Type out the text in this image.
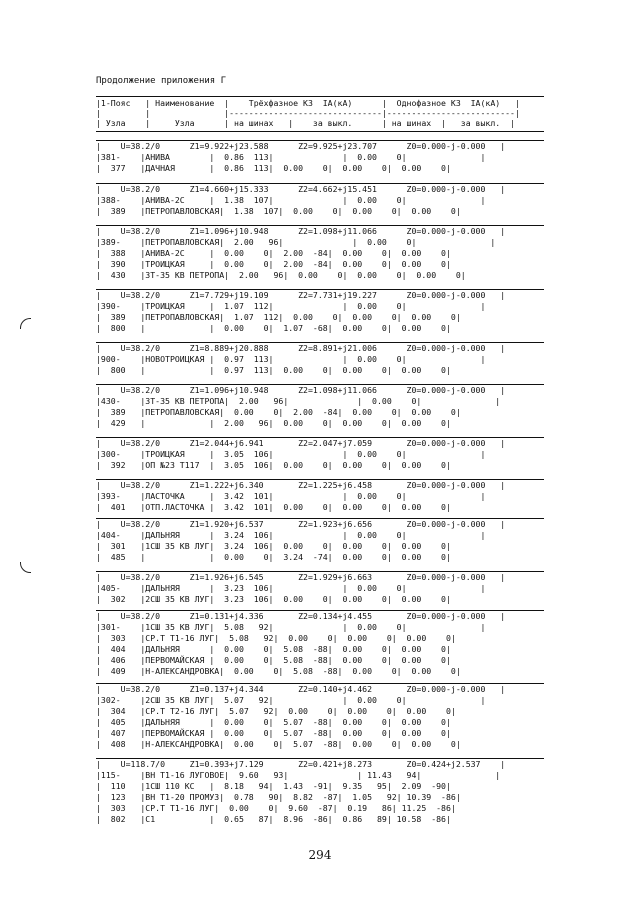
Продолжение приложения Г
|1-Пояс   | Наименование  |    Трёхфазное КЗ  IA(кА)      |  Однофазное КЗ  IA(кА)   |
|         |               |-------------------------------|--------------------------|
| Узла    |     Узла      | на шинах   |    за выкл.      | на шинах  |   за выкл.  |
|    U=38.2/0      Z1=9.922+j23.588      Z2=9.925+j23.707      Z0=0.000-j-0.000   |
|381-    |АНИВА        |  0.86  113|              |  0.00    0|               |
|  377   |ДАЧНАЯ       |  0.86  113|  0.00    0|  0.00    0|  0.00    0|
|    U=38.2/0      Z1=4.660+j15.333      Z2=4.662+j15.451      Z0=0.000-j-0.000   |
|388-    |АНИВА-2С     |  1.38  107|              |  0.00    0|               |
|  389   |ПЕТРОПАВЛОВСКАЯ|  1.38  107|  0.00    0|  0.00    0|  0.00    0|
|    U=38.2/0      Z1=1.096+j10.948      Z2=1.098+j11.066      Z0=0.000-j-0.000   |
|389-    |ПЕТРОПАВЛОВСКАЯ|  2.00   96|              |  0.00    0|               |
|  388   |АНИВА-2С     |  0.00    0|  2.00  -84|  0.00    0|  0.00    0|
|  390   |ТРОИЦКАЯ     |  0.00    0|  2.00  -84|  0.00    0|  0.00    0|
|  430   |ЗТ-35 КВ ПЕТРОПА|  2.00   96|  0.00    0|  0.00    0|  0.00    0|
|    U=38.2/0      Z1=7.729+j19.109      Z2=7.731+j19.227      Z0=0.000-j-0.000   |
|390-    |ТРОИЦКАЯ     |  1.07  112|              |  0.00    0|               |
|  389   |ПЕТРОПАВЛОВСКАЯ|  1.07  112|  0.00    0|  0.00    0|  0.00    0|
|  800   |             |  0.00    0|  1.07  -68|  0.00    0|  0.00    0|
|    U=38.2/0      Z1=8.889+j20.888      Z2=8.891+j21.006      Z0=0.000-j-0.000   |
|900-    |НОВОТРОИЦКАЯ |  0.97  113|              |  0.00    0|               |
|  800   |             |  0.97  113|  0.00    0|  0.00    0|  0.00    0|
|    U=38.2/0      Z1=1.096+j10.948      Z2=1.098+j11.066      Z0=0.000-j-0.000   |
|430-    |ЗТ-35 КВ ПЕТРОПА|  2.00   96|              |  0.00    0|               |
|  389   |ПЕТРОПАВЛОВСКАЯ|  0.00    0|  2.00  -84|  0.00    0|  0.00    0|
|  429   |             |  2.00   96|  0.00    0|  0.00    0|  0.00    0|
|    U=38.2/0      Z1=2.044+j6.941       Z2=2.047+j7.059       Z0=0.000-j-0.000   |
|300-    |ТРОИЦКАЯ     |  3.05  106|              |  0.00    0|               |
|  392   |ОП №23 Т117  |  3.05  106|  0.00    0|  0.00    0|  0.00    0|
|    U=38.2/0      Z1=1.222+j6.340       Z2=1.225+j6.458       Z0=0.000-j-0.000   |
|393-    |ЛАСТОЧКА     |  3.42  101|              |  0.00    0|               |
|  401   |ОТП.ЛАСТОЧКА |  3.42  101|  0.00    0|  0.00    0|  0.00    0|
|    U=38.2/0      Z1=1.920+j6.537       Z2=1.923+j6.656       Z0=0.000-j-0.000   |
|404-    |ДАЛЬНЯЯ      |  3.24  106|              |  0.00    0|               |
|  301   |1СШ 35 КВ ЛУГ|  3.24  106|  0.00    0|  0.00    0|  0.00    0|
|  485   |             |  0.00    0|  3.24  -74|  0.00    0|  0.00    0|
|    U=38.2/0      Z1=1.926+j6.545       Z2=1.929+j6.663       Z0=0.000-j-0.000   |
|405-    |ДАЛЬНЯЯ      |  3.23  106|              |  0.00    0|               |
|  302   |2СШ 35 КВ ЛУГ|  3.23  106|  0.00    0|  0.00    0|  0.00    0|
|    U=38.2/0      Z1=0.131+j4.336       Z2=0.134+j4.455       Z0=0.000-j-0.000   |
|301-    |1СШ 35 КВ ЛУГ|  5.08   92|              |  0.00    0|               |
|  303   |СР.Т Т1-16 ЛУГ|  5.08   92|  0.00    0|  0.00    0|  0.00    0|
|  404   |ДАЛЬНЯЯ      |  0.00    0|  5.08  -88|  0.00    0|  0.00    0|
|  406   |ПЕРВОМАЙСКАЯ |  0.00    0|  5.08  -88|  0.00    0|  0.00    0|
|  409   |Н-АЛЕКСАНДРОВКА|  0.00    0|  5.08  -88|  0.00    0|  0.00    0|
|    U=38.2/0      Z1=0.137+j4.344       Z2=0.140+j4.462       Z0=0.000-j-0.000   |
|302-    |2СШ 35 КВ ЛУГ|  5.07   92|              |  0.00    0|               |
|  304   |СР.Т Т2-16 ЛУГ|  5.07   92|  0.00    0|  0.00    0|  0.00    0|
|  405   |ДАЛЬНЯЯ      |  0.00    0|  5.07  -88|  0.00    0|  0.00    0|
|  407   |ПЕРВОМАЙСКАЯ |  0.00    0|  5.07  -88|  0.00    0|  0.00    0|
|  408   |Н-АЛЕКСАНДРОВКА|  0.00    0|  5.07  -88|  0.00    0|  0.00    0|
|    U=118.7/0     Z1=0.393+j7.129       Z2=0.421+j8.273       Z0=0.424+j2.537    |
|115-    |ВН Т1-16 ЛУГОВОЕ|  9.60   93|              | 11.43   94|               |
|  110   |1СШ 110 КС   |  8.18   94|  1.43  -91|  9.35   95|  2.09  -90|
|  123   |ВН Т1-20 ПРОМУЗ|  0.78   90|  8.82  -87|  1.05   92| 10.39  -86|
|  303   |СР.Т Т1-16 ЛУГ|  0.00    0|  9.60  -87|  0.19   86| 11.25  -86|
|  802   |С1           |  0.65   87|  8.96  -86|  0.86   89| 10.58  -86|
294
